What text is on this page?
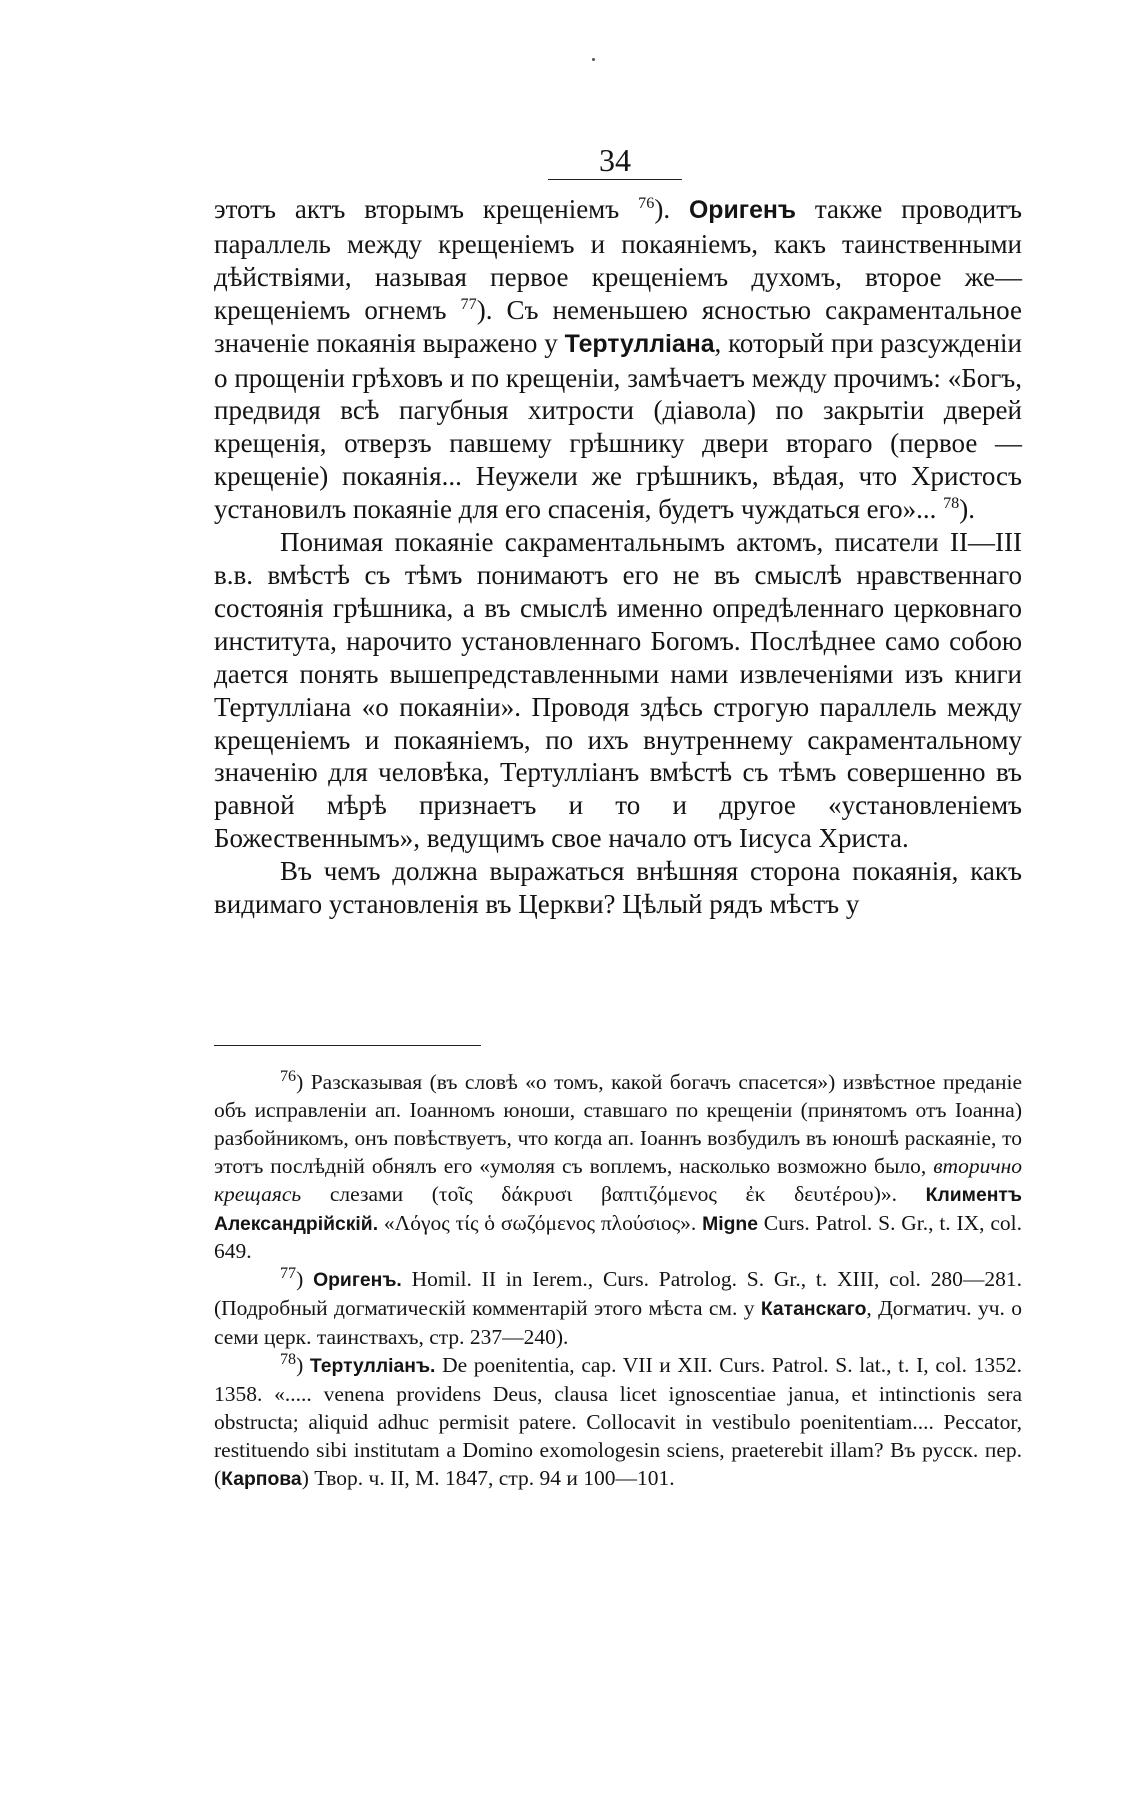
34

этотъ актъ вторымъ крещеніемъ $^{76}$). Оригенъ также проводитъ параллель между крещеніемъ и покаяніемъ, какъ таинственными дѣйствіями, называя первое крещеніемъ духомъ, второе же—крещеніемъ огнемъ $^{77}$). Съ неменьшею ясностью сакраментальное значеніе покаянія выражено у Тертулліана, который при разсужденіи о прощеніи грѣховъ и по крещеніи, замѣчаетъ между прочимъ: «Богъ, предвидя всѣ пагубныя хитрости (діавола) по закрытіи дверей крещенія, отверзъ павшему грѣшнику двери втораго (первое — крещеніе) покаянія... Неужели же грѣшникъ, вѣдая, что Христосъ установилъ покаяніе для его спасенія, будетъ чуждаться его»... $^{78}$).

Понимая покаяніе сакраментальнымъ актомъ, писатели II—III в.в. вмѣстѣ съ тѣмъ понимаютъ его не въ смыслѣ нравственнаго состоянія грѣшника, а въ смыслѣ именно опредѣленнаго церковнаго института, нарочито установленнаго Богомъ. Послѣднее само собою дается понять вышепредставленными нами извлеченіями изъ книги Тертулліана «о покаяніи». Проводя здѣсь строгую параллель между крещеніемъ и покаяніемъ, по ихъ внутреннему сакраментальному значенію для человѣка, Тертулліанъ вмѣстѣ съ тѣмъ совершенно въ равной мѣрѣ признаетъ и то и другое «установленіемъ Божественнымъ», ведущимъ свое начало отъ Іисуса Христа.

Въ чемъ должна выражаться внѣшняя сторона покаянія, какъ видимаго установленія въ Церкви? Цѣлый рядъ мѣстъ у

$^{76}$) Разсказывая (въ словѣ «о томъ, какой богачъ спасется») извѣстное преданіе объ исправленіи ап. Іоанномъ юноши, ставшаго по крещеніи (принятомъ отъ Іоанна) разбойникомъ, онъ повѣствуетъ, что когда ап. Іоаннъ возбудилъ въ юношѣ раскаяніе, то этотъ послѣдній обнялъ его «умоляя съ воплемъ, насколько возможно было, вторично крещаясь слезами (τοῖς δάκρυσι βαπτιζόμενος ἐκ δευτέρου)». Климентъ Александрійскій. «Λόγος τίς ὁ σωζόμενος πλούσιος». Migne Curs. Patrol. S. Gr., t. IX, col. 649.

$^{77}$) Оригенъ. Homil. II in Ierem., Curs. Patrolog. S. Gr., t. XIII, col. 280—281. (Подробный догматическій комментарій этого мѣста см. у Катанскаго, Догматич. уч. о семи церк. таинствахъ, стр. 237—240).

$^{78}$) Тертулліанъ. De poenitentia, cap. VII и XII. Curs. Patrol. S. lat., t. I, col. 1352. 1358. «..... venena providens Deus, clausa licet ignoscentiae janua, et intinctionis sera obstructa; aliquid adhuc permisit patere. Collocavit in vestibulo poenitentiam.... Peccator, restituendo sibi institutam a Domino exomologesin sciens, praeterebit illam? Въ русск. пер. (Карпова) Твор. ч. II, М. 1847, стр. 94 и 100—101.
